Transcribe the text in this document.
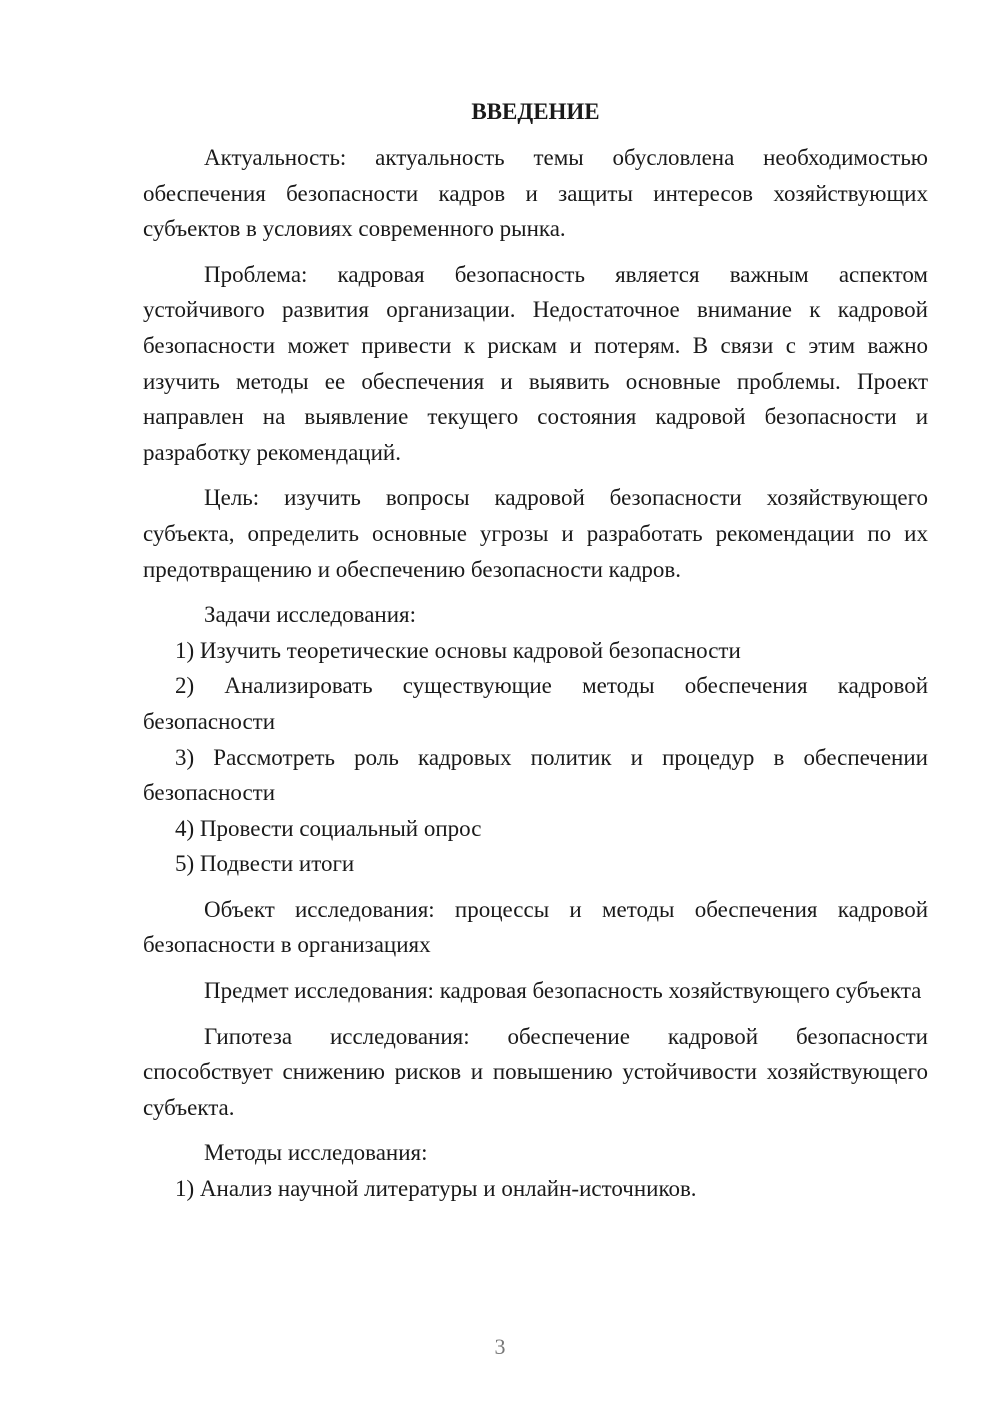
ВВЕДЕНИЕ

Актуальность: актуальность темы обусловлена необходимостью обеспечения безопасности кадров и защиты интересов хозяйствующих субъектов в условиях современного рынка.

Проблема: кадровая безопасность является важным аспектом устойчивого развития организации. Недостаточное внимание к кадровой безопасности может привести к рискам и потерям. В связи с этим важно изучить методы ее обеспечения и выявить основные проблемы. Проект направлен на выявление текущего состояния кадровой безопасности и разработку рекомендаций.

Цель: изучить вопросы кадровой безопасности хозяйствующего субъекта, определить основные угрозы и разработать рекомендации по их предотвращению и обеспечению безопасности кадров.

Задачи исследования:

1) Изучить теоретические основы кадровой безопасности

2) Анализировать существующие методы обеспечения кадровой безопасности

3) Рассмотреть роль кадровых политик и процедур в обеспечении безопасности

4) Провести социальный опрос

5) Подвести итоги

Объект исследования: процессы и методы обеспечения кадровой безопасности в организациях

Предмет исследования: кадровая безопасность хозяйствующего субъекта

Гипотеза исследования: обеспечение кадровой безопасности способствует снижению рисков и повышению устойчивости хозяйствующего субъекта.

Методы исследования:

1) Анализ научной литературы и онлайн-источников.

3
